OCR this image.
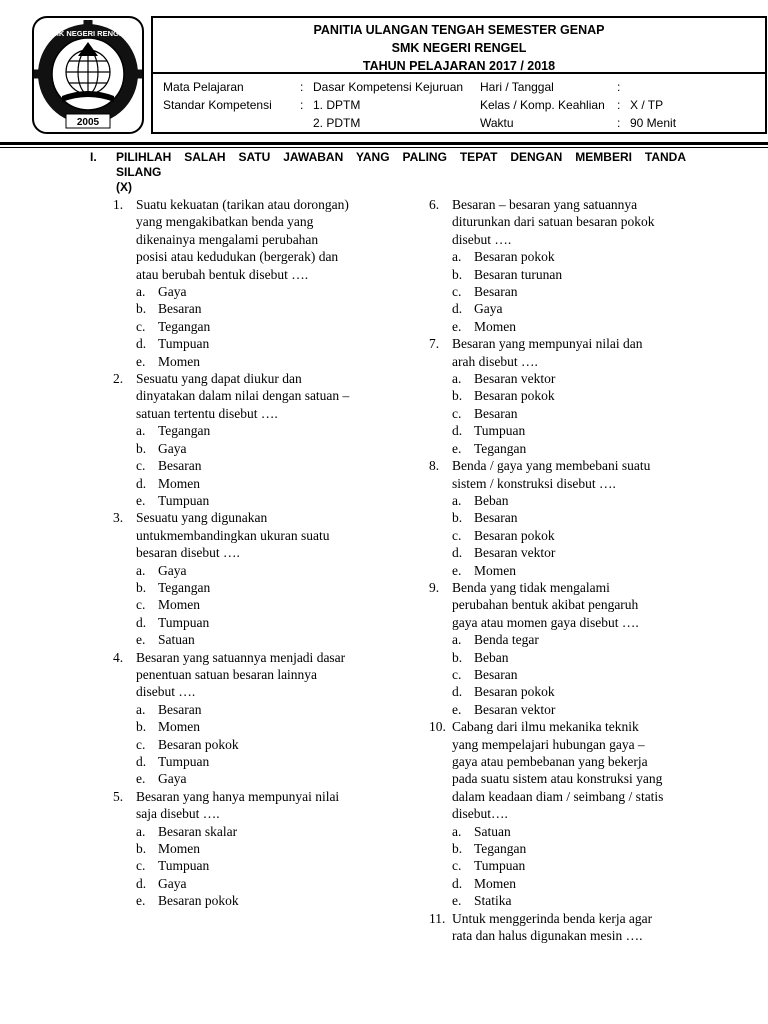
SMK NEGERI RENGEL
2005
PANITIA ULANGAN TENGAH SEMESTER GENAP
SMK NEGERI RENGEL
TAHUN PELAJARAN 2017 / 2018
Mata Pelajaran	: Dasar Kompetensi Kejuruan Hari / Tanggal	:
Standar Kompetensi : 1. DPTM	Kelas / Komp. Keahlian : X / TP
2. PDTM	Waktu	: 90 Menit
I. PILIHLAH SALAH SATU JAWABAN YANG PALING TEPAT DENGAN MEMBERI TANDA
SILANG (X)
1. Suatu kekuatan (tarikan atau dorongan) yang mengakibatkan benda yang dikenainya mengalami perubahan posisi atau kedudukan (bergerak) dan atau berubah bentuk disebut ….
a. Gaya
b. Besaran
c. Tegangan
d. Tumpuan
e. Momen
2. Sesuatu yang dapat diukur dan dinyatakan dalam nilai dengan satuan – satuan tertentu disebut ….
a. Tegangan
b. Gaya
c. Besaran
d. Momen
e. Tumpuan
3. Sesuatu yang digunakan untukmembandingkan ukuran suatu besaran disebut ….
a. Gaya
b. Tegangan
c. Momen
d. Tumpuan
e. Satuan
4. Besaran yang satuannya menjadi dasar penentuan satuan besaran lainnya disebut ….
a. Besaran
b. Momen
c. Besaran pokok
d. Tumpuan
e. Gaya
5. Besaran yang hanya mempunyai nilai saja disebut ….
a. Besaran skalar
b. Momen
c. Tumpuan
d. Gaya
e. Besaran pokok
6. Besaran – besaran yang satuannya diturunkan dari satuan besaran pokok disebut ….
a. Besaran pokok
b. Besaran turunan
c. Besaran
d. Gaya
e. Momen
7. Besaran yang mempunyai nilai dan arah disebut ….
a. Besaran vektor
b. Besaran pokok
c. Besaran
d. Tumpuan
e. Tegangan
8. Benda / gaya yang membebani suatu sistem / konstruksi disebut ….
a. Beban
b. Besaran
c. Besaran pokok
d. Besaran vektor
e. Momen
9. Benda yang tidak mengalami perubahan bentuk akibat pengaruh gaya atau momen gaya disebut ….
a. Benda tegar
b. Beban
c. Besaran
d. Besaran pokok
e. Besaran vektor
10. Cabang dari ilmu mekanika teknik yang mempelajari hubungan gaya – gaya atau pembebanan yang bekerja pada suatu sistem atau konstruksi yang dalam keadaan diam / seimbang / statis disebut….
a. Satuan
b. Tegangan
c. Tumpuan
d. Momen
e. Statika
11. Untuk menggerinda benda kerja agar rata dan halus digunakan mesin ….
